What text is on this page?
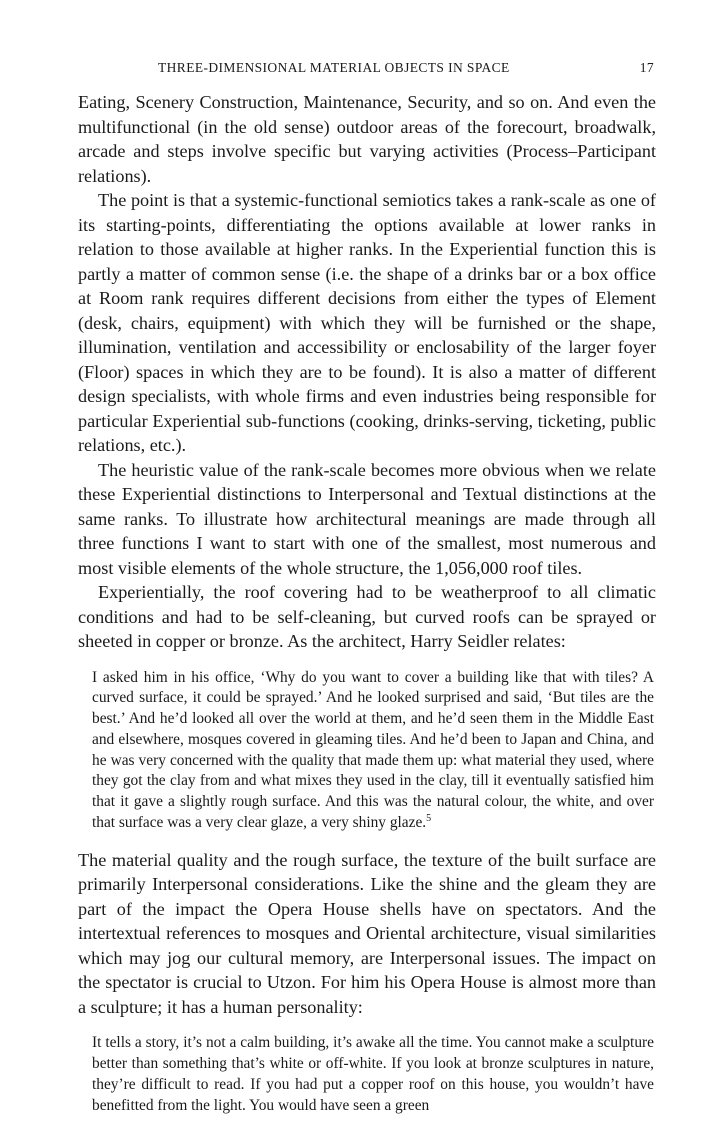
THREE-DIMENSIONAL MATERIAL OBJECTS IN SPACE	17

Eating, Scenery Construction, Maintenance, Security, and so on. And even the multifunctional (in the old sense) outdoor areas of the forecourt, broadwalk, arcade and steps involve specific but varying activities (Process–Participant relations).

The point is that a systemic-functional semiotics takes a rank-scale as one of its starting-points, differentiating the options available at lower ranks in relation to those available at higher ranks. In the Experiential function this is partly a matter of common sense (i.e. the shape of a drinks bar or a box office at Room rank requires different decisions from either the types of Element (desk, chairs, equipment) with which they will be furnished or the shape, illumination, ventilation and accessibility or enclosability of the larger foyer (Floor) spaces in which they are to be found). It is also a matter of different design specialists, with whole firms and even industries being responsible for particular Experiential sub-functions (cooking, drinks-serving, ticketing, public relations, etc.).

The heuristic value of the rank-scale becomes more obvious when we relate these Experiential distinctions to Interpersonal and Textual distinctions at the same ranks. To illustrate how architectural meanings are made through all three functions I want to start with one of the smallest, most numerous and most visible elements of the whole structure, the 1,056,000 roof tiles.

Experientially, the roof covering had to be weatherproof to all climatic conditions and had to be self-cleaning, but curved roofs can be sprayed or sheeted in copper or bronze. As the architect, Harry Seidler relates:

I asked him in his office, ‘Why do you want to cover a building like that with tiles? A curved surface, it could be sprayed.’ And he looked surprised and said, ‘But tiles are the best.’ And he’d looked all over the world at them, and he’d seen them in the Middle East and elsewhere, mosques covered in gleaming tiles. And he’d been to Japan and China, and he was very concerned with the quality that made them up: what material they used, where they got the clay from and what mixes they used in the clay, till it eventually satisfied him that it gave a slightly rough surface. And this was the natural colour, the white, and over that surface was a very clear glaze, a very shiny glaze.$^5$

The material quality and the rough surface, the texture of the built surface are primarily Interpersonal considerations. Like the shine and the gleam they are part of the impact the Opera House shells have on spectators. And the intertextual references to mosques and Oriental architecture, visual similarities which may jog our cultural memory, are Interpersonal issues. The impact on the spectator is crucial to Utzon. For him his Opera House is almost more than a sculpture; it has a human personality:

It tells a story, it’s not a calm building, it’s awake all the time. You cannot make a sculpture better than something that’s white or off-white. If you look at bronze sculptures in nature, they’re difficult to read. If you had put a copper roof on this house, you wouldn’t have benefitted from the light. You would have seen a green
